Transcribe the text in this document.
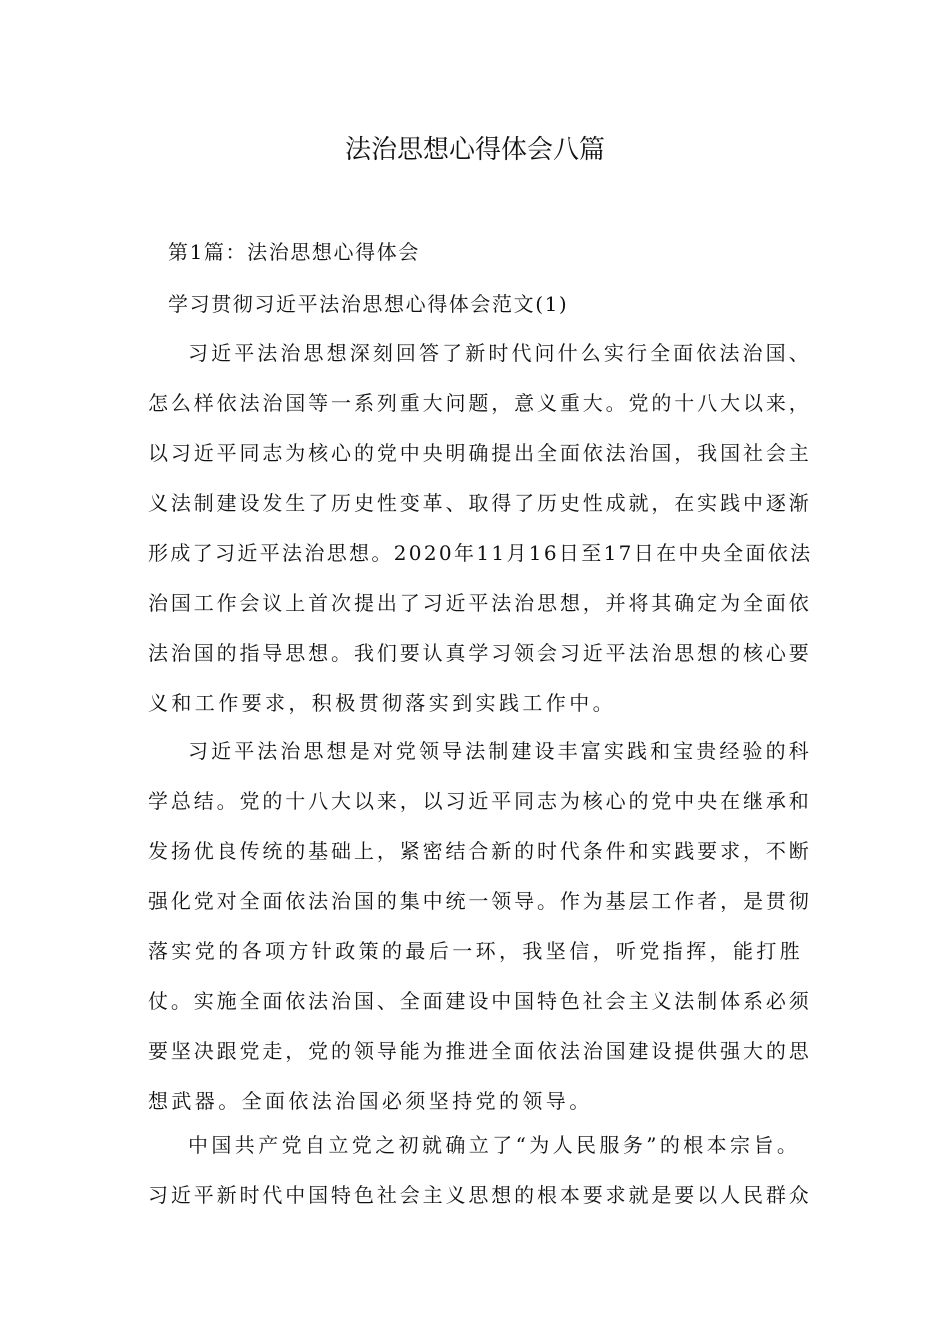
法治思想心得体会八篇
第1篇：法治思想心得体会
学习贯彻习近平法治思想心得体会范文(1)
习近平法治思想深刻回答了新时代问什么实行全面依法治国、
怎么样依法治国等一系列重大问题，意义重大。党的十八大以来，
以习近平同志为核心的党中央明确提出全面依法治国，我国社会主
义法制建设发生了历史性变革、取得了历史性成就，在实践中逐渐
形成了习近平法治思想。2020年11月16日至17日在中央全面依法
治国工作会议上首次提出了习近平法治思想，并将其确定为全面依
法治国的指导思想。我们要认真学习领会习近平法治思想的核心要
义和工作要求，积极贯彻落实到实践工作中。
习近平法治思想是对党领导法制建设丰富实践和宝贵经验的科
学总结。党的十八大以来，以习近平同志为核心的党中央在继承和
发扬优良传统的基础上，紧密结合新的时代条件和实践要求，不断
强化党对全面依法治国的集中统一领导。作为基层工作者，是贯彻
落实党的各项方针政策的最后一环，我坚信，听党指挥，能打胜
仗。实施全面依法治国、全面建设中国特色社会主义法制体系必须
要坚决跟党走，党的领导能为推进全面依法治国建设提供强大的思
想武器。全面依法治国必须坚持党的领导。
中国共产党自立党之初就确立了“为人民服务”的根本宗旨。
习近平新时代中国特色社会主义思想的根本要求就是要以人民群众
